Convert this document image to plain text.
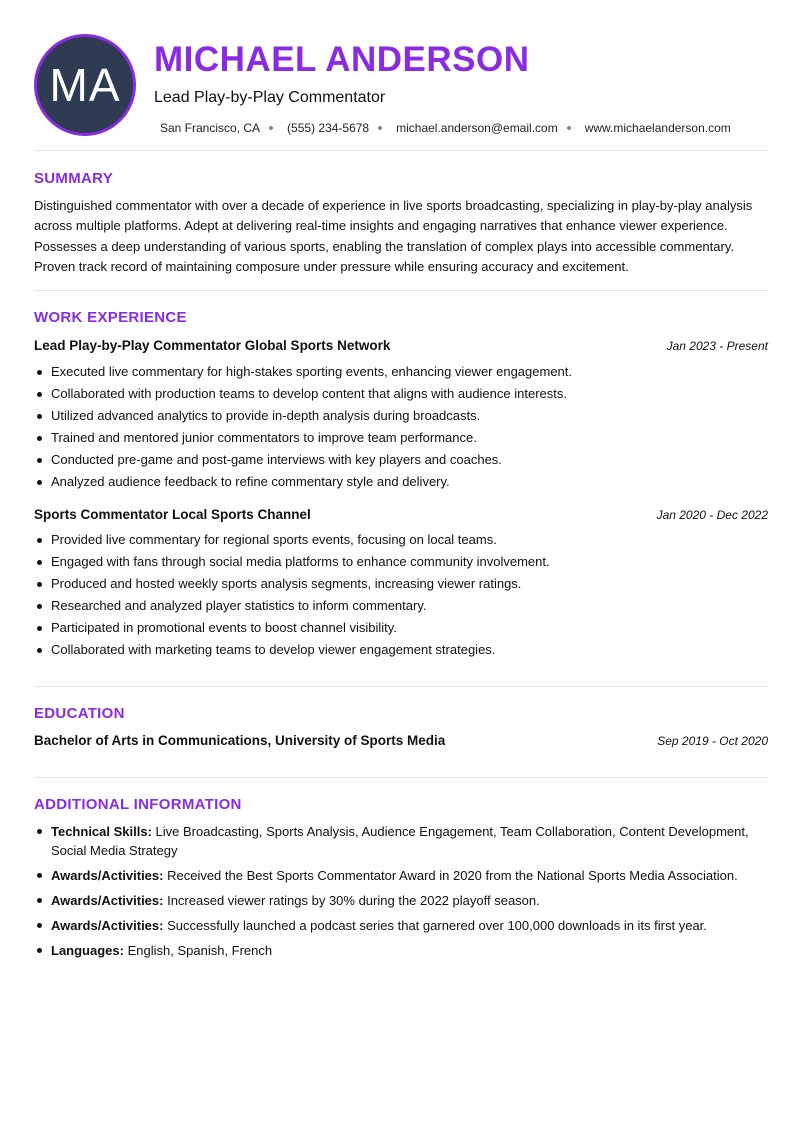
MA MICHAEL ANDERSON
Lead Play-by-Play Commentator
San Francisco, CA (555) 234-5678 michael.anderson@email.com www.michaelanderson.com
SUMMARY
Distinguished commentator with over a decade of experience in live sports broadcasting, specializing in play-by-play analysis across multiple platforms. Adept at delivering real-time insights and engaging narratives that enhance viewer experience. Possesses a deep understanding of various sports, enabling the translation of complex plays into accessible commentary. Proven track record of maintaining composure under pressure while ensuring accuracy and excitement.
WORK EXPERIENCE
Lead Play-by-Play Commentator Global Sports Network	Jan 2023 - Present
Executed live commentary for high-stakes sporting events, enhancing viewer engagement.
Collaborated with production teams to develop content that aligns with audience interests.
Utilized advanced analytics to provide in-depth analysis during broadcasts.
Trained and mentored junior commentators to improve team performance.
Conducted pre-game and post-game interviews with key players and coaches.
Analyzed audience feedback to refine commentary style and delivery.
Sports Commentator Local Sports Channel	Jan 2020 - Dec 2022
Provided live commentary for regional sports events, focusing on local teams.
Engaged with fans through social media platforms to enhance community involvement.
Produced and hosted weekly sports analysis segments, increasing viewer ratings.
Researched and analyzed player statistics to inform commentary.
Participated in promotional events to boost channel visibility.
Collaborated with marketing teams to develop viewer engagement strategies.
EDUCATION
Bachelor of Arts in Communications, University of Sports Media	Sep 2019 - Oct 2020
ADDITIONAL INFORMATION
Technical Skills: Live Broadcasting, Sports Analysis, Audience Engagement, Team Collaboration, Content Development, Social Media Strategy
Awards/Activities: Received the Best Sports Commentator Award in 2020 from the National Sports Media Association.
Awards/Activities: Increased viewer ratings by 30% during the 2022 playoff season.
Awards/Activities: Successfully launched a podcast series that garnered over 100,000 downloads in its first year.
Languages: English, Spanish, French
